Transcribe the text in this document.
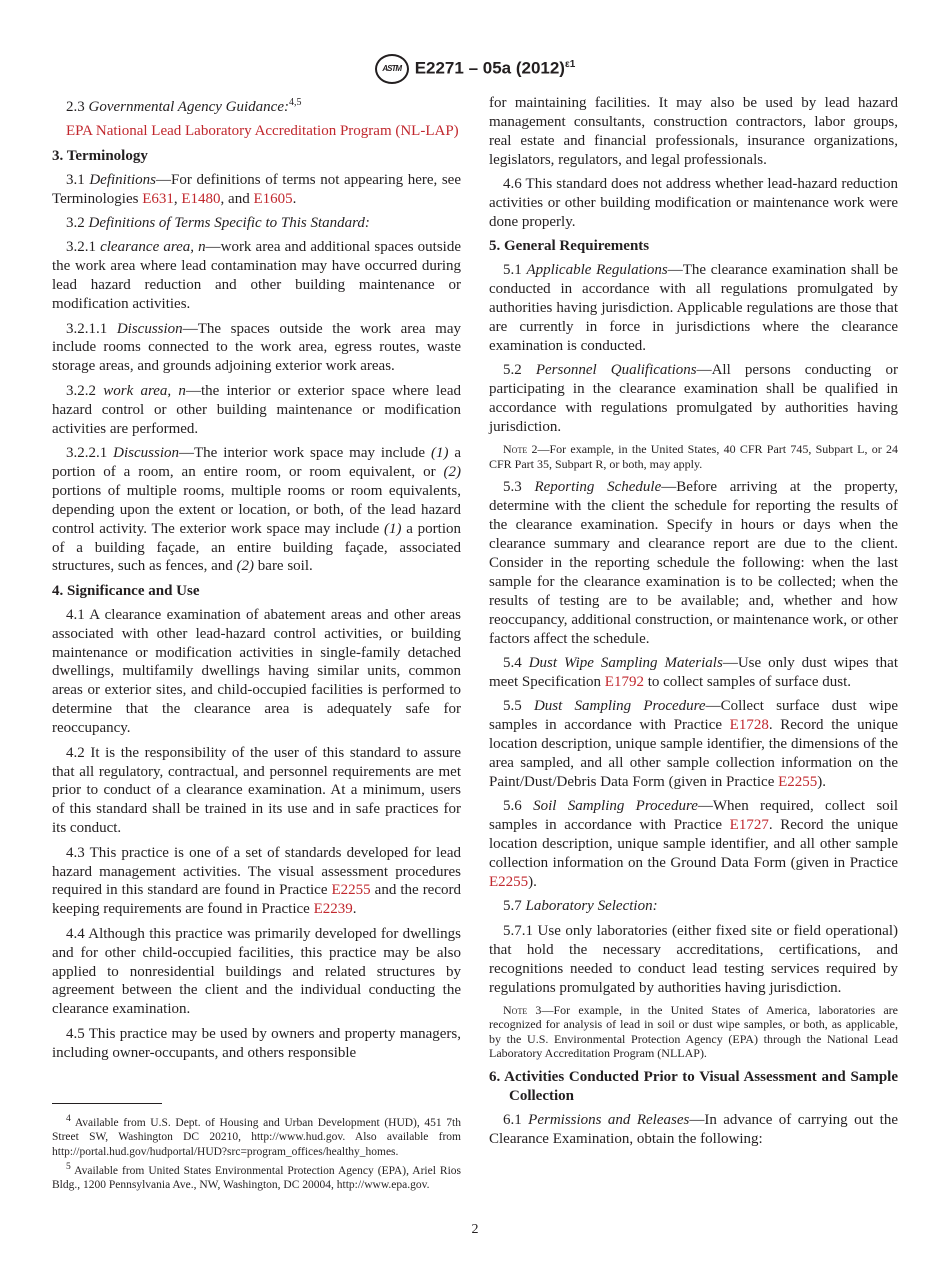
ASTM E2271 – 05a $(2012)^{\varepsilon 1}$
2.3 Governmental Agency Guidance:$^{4,5}$
EPA National Lead Laboratory Accreditation Program (NL-LAP)
3. Terminology
3.1 Definitions—For definitions of terms not appearing here, see Terminologies E631, E1480, and E1605.
3.2 Definitions of Terms Specific to This Standard:
3.2.1 clearance area, n—work area and additional spaces outside the work area where lead contamination may have occurred during lead hazard reduction and other building maintenance or modification activities.
3.2.1.1 Discussion—The spaces outside the work area may include rooms connected to the work area, egress routes, waste storage areas, and grounds adjoining exterior work areas.
3.2.2 work area, n—the interior or exterior space where lead hazard control or other building maintenance or modification activities are performed.
3.2.2.1 Discussion—The interior work space may include (1) a portion of a room, an entire room, or room equivalent, or (2) portions of multiple rooms, multiple rooms or room equivalents, depending upon the extent or location, or both, of the lead hazard control activity. The exterior work space may include (1) a portion of a building façade, an entire building façade, associated structures, such as fences, and (2) bare soil.
4. Significance and Use
4.1 A clearance examination of abatement areas and other areas associated with other lead-hazard control activities, or building maintenance or modification activities in single-family detached dwellings, multifamily dwellings having similar units, common areas or exterior sites, and child-occupied facilities is performed to determine that the clearance area is adequately safe for reoccupancy.
4.2 It is the responsibility of the user of this standard to assure that all regulatory, contractual, and personnel requirements are met prior to conduct of a clearance examination. At a minimum, users of this standard shall be trained in its use and in safe practices for its conduct.
4.3 This practice is one of a set of standards developed for lead hazard management activities. The visual assessment procedures required in this standard are found in Practice E2255 and the record keeping requirements are found in Practice E2239.
4.4 Although this practice was primarily developed for dwellings and for other child-occupied facilities, this practice may be also applied to nonresidential buildings and related structures by agreement between the client and the individual conducting the clearance examination.
4.5 This practice may be used by owners and property managers, including owner-occupants, and others responsible
for maintaining facilities. It may also be used by lead hazard management consultants, construction contractors, labor groups, real estate and financial professionals, insurance organizations, legislators, regulators, and legal professionals.
4.6 This standard does not address whether lead-hazard reduction activities or other building modification or maintenance work were done properly.
5. General Requirements
5.1 Applicable Regulations—The clearance examination shall be conducted in accordance with all regulations promulgated by authorities having jurisdiction. Applicable regulations are those that are currently in force in jurisdictions where the clearance examination is conducted.
5.2 Personnel Qualifications—All persons conducting or participating in the clearance examination shall be qualified in accordance with regulations promulgated by authorities having jurisdiction.
Note 2—For example, in the United States, 40 CFR Part 745, Subpart L, or 24 CFR Part 35, Subpart R, or both, may apply.
5.3 Reporting Schedule—Before arriving at the property, determine with the client the schedule for reporting the results of the clearance examination. Specify in hours or days when the clearance summary and clearance report are due to the client. Consider in the reporting schedule the following: when the last sample for the clearance examination is to be collected; when the results of testing are to be available; and, whether and how reoccupancy, additional construction, or maintenance work, or other factors affect the schedule.
5.4 Dust Wipe Sampling Materials—Use only dust wipes that meet Specification E1792 to collect samples of surface dust.
5.5 Dust Sampling Procedure—Collect surface dust wipe samples in accordance with Practice E1728. Record the unique location description, unique sample identifier, the dimensions of the area sampled, and all other sample collection information on the Paint/Dust/Debris Data Form (given in Practice E2255).
5.6 Soil Sampling Procedure—When required, collect soil samples in accordance with Practice E1727. Record the unique location description, unique sample identifier, and all other sample collection information on the Ground Data Form (given in Practice E2255).
5.7 Laboratory Selection:
5.7.1 Use only laboratories (either fixed site or field operational) that hold the necessary accreditations, certifications, and recognitions needed to conduct lead testing services required by regulations promulgated by authorities having jurisdiction.
Note 3—For example, in the United States of America, laboratories are recognized for analysis of lead in soil or dust wipe samples, or both, as applicable, by the U.S. Environmental Protection Agency (EPA) through the National Lead Laboratory Accreditation Program (NLLAP).
6. Activities Conducted Prior to Visual Assessment and Sample Collection
6.1 Permissions and Releases—In advance of carrying out the Clearance Examination, obtain the following:

$^4$ Available from U.S. Dept. of Housing and Urban Development (HUD), 451 7th Street SW, Washington DC 20210, http://www.hud.gov. Also available from http://portal.hud.gov/hudportal/HUD?src=program_offices/healthy_homes.

$^5$ Available from United States Environmental Protection Agency (EPA), Ariel Rios Bldg., 1200 Pennsylvania Ave., NW, Washington, DC 20004, http://www.epa.gov.

2
